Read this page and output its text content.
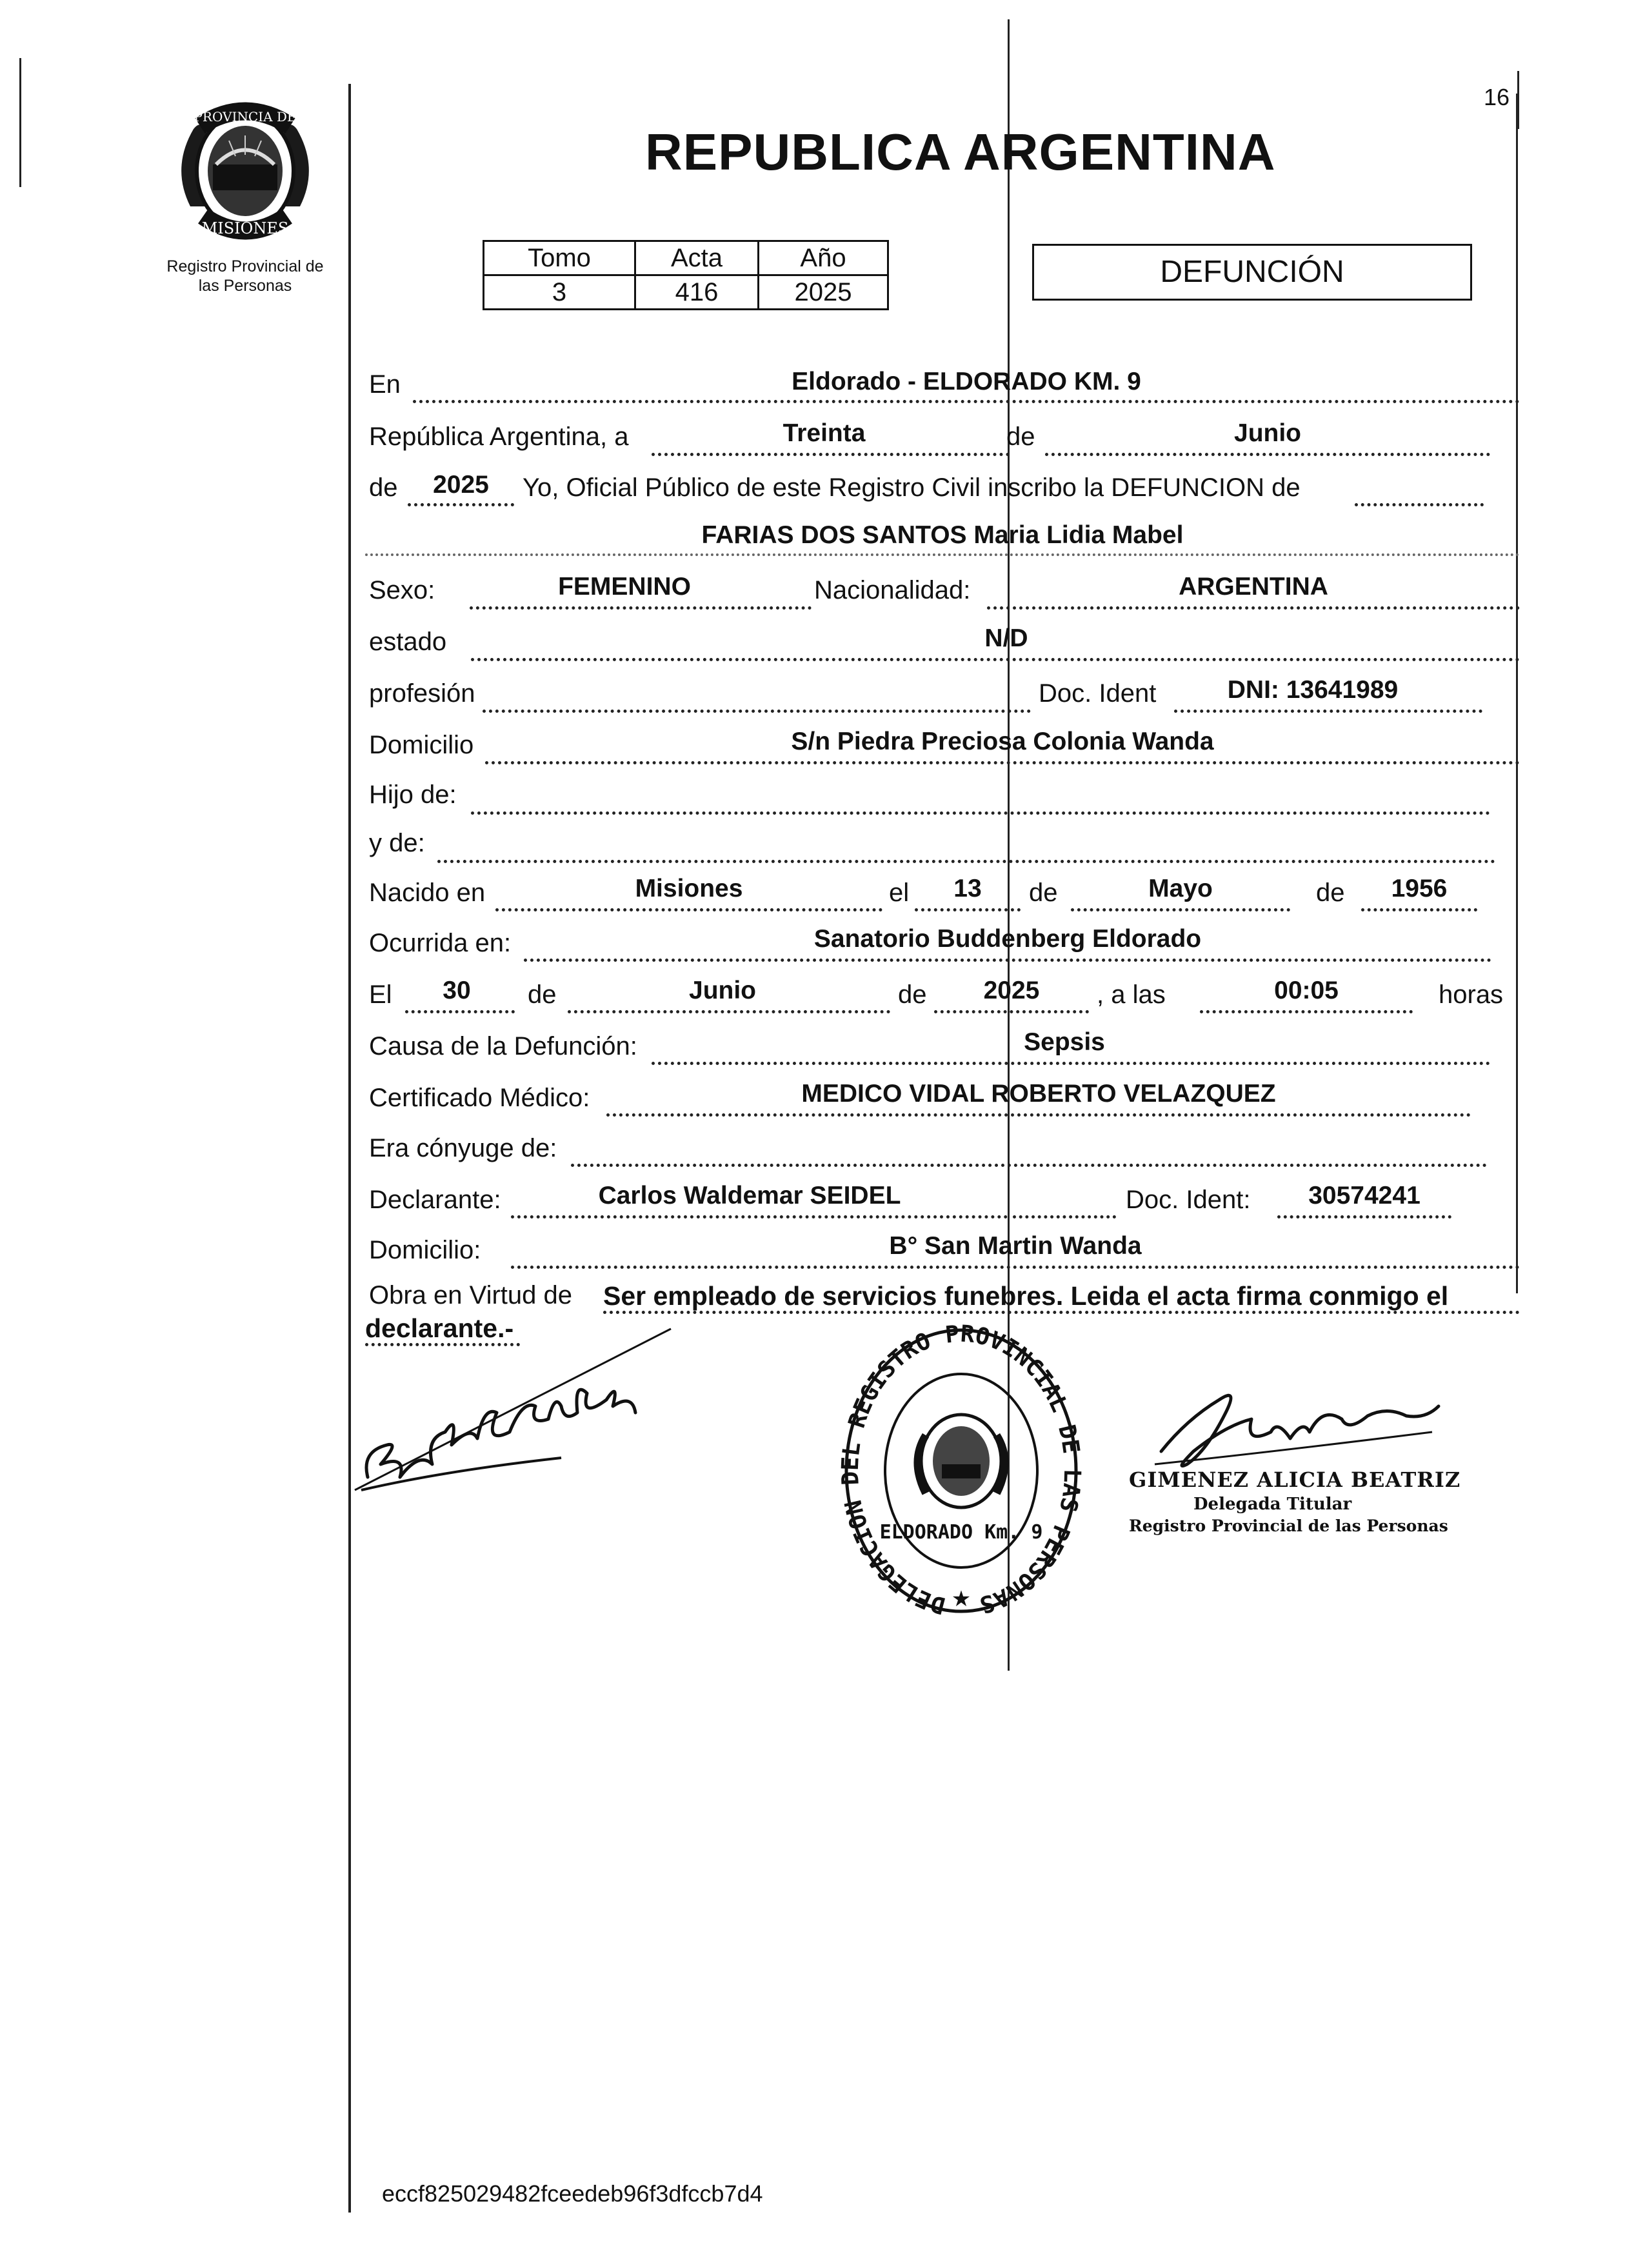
16
PROVINCIA DE
MISIONES
Registro Provincial de
las Personas
REPUBLICA ARGENTINA
Tomo	Acta	Año
3	416	2025
DEFUNCIÓN
En	Eldorado - ELDORADO KM. 9
República Argentina, a	Treinta	de	Junio
de	2025	Yo, Oficial Público de este Registro Civil inscribo la DEFUNCION de
FARIAS DOS SANTOS Maria Lidia Mabel
Sexo:	FEMENINO	Nacionalidad:	ARGENTINA
estado	N/D
profesión	Doc. Ident	DNI: 13641989
Domicilio	S/n Piedra Preciosa Colonia Wanda
Hijo de:
y de:
Nacido en	Misiones	el	13	de	Mayo	de	1956
Ocurrida en:	Sanatorio Buddenberg Eldorado
El	30	de	Junio	de	2025	, a las	00:05	horas
Causa de la Defunción:	Sepsis
Certificado Médico:	MEDICO VIDAL ROBERTO VELAZQUEZ
Era cónyuge de:
Declarante:	Carlos Waldemar SEIDEL	Doc. Ident:	30574241
Domicilio:	B° San Martin Wanda
Obra en Virtud de Ser empleado de servicios funebres. Leida el acta firma conmigo el
declarante.-
DELEGACION DEL REGISTRO PROVINCIAL DE LAS PERSONAS
ELDORADO Km. 9
★
GIMENEZ ALICIA BEATRIZ
Delegada Titular
Registro Provincial de las Personas
eccf825029482fceedeb96f3dfccb7d4
